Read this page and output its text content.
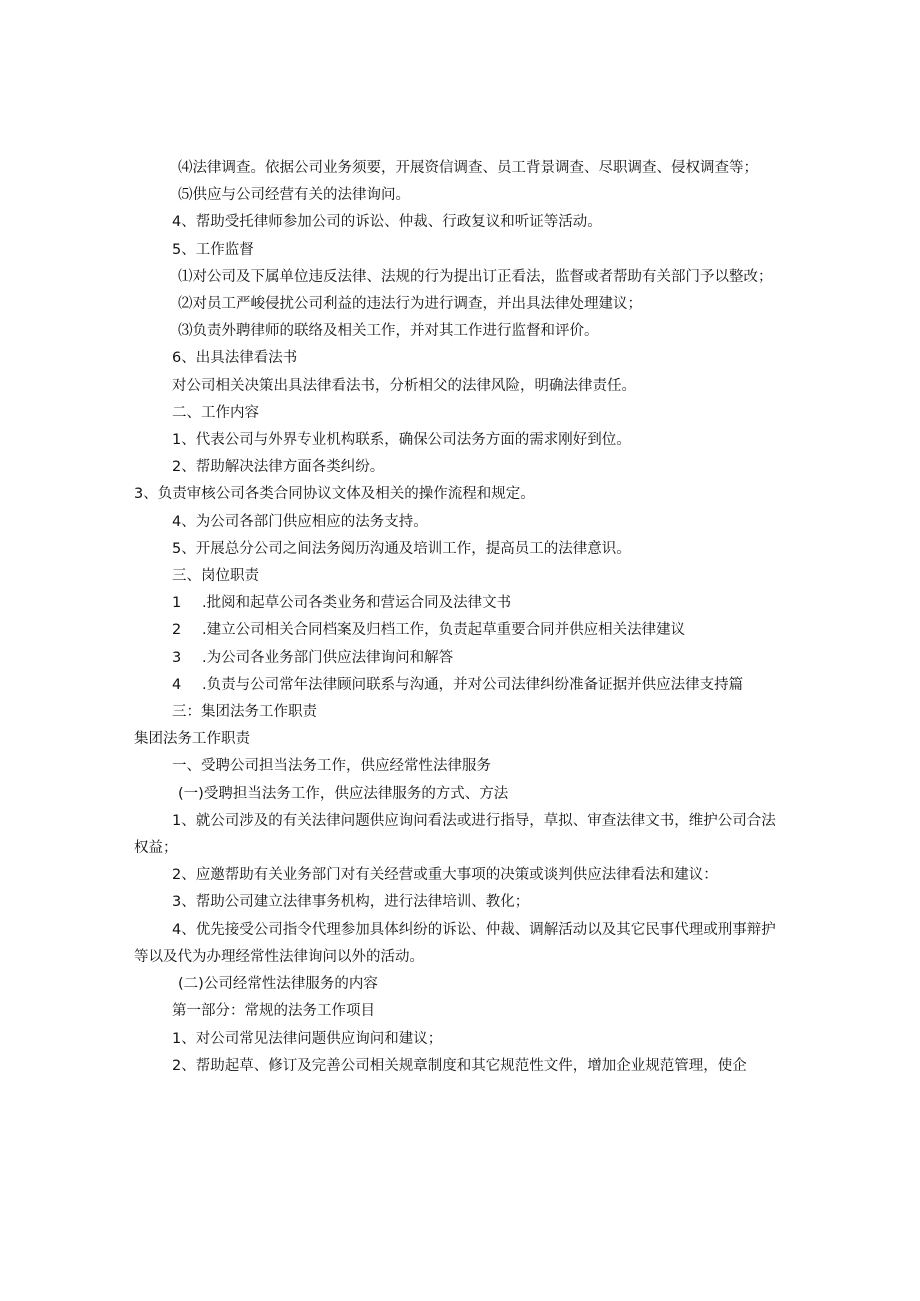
⑷法律调查。依据公司业务须要，开展资信调查、员工背景调查、尽职调查、侵权调查等；

⑸供应与公司经营有关的法律询问。

4、帮助受托律师参加公司的诉讼、仲裁、行政复议和听证等活动。

5、工作监督

⑴对公司及下属单位违反法律、法规的行为提出订正看法，监督或者帮助有关部门予以整改；

⑵对员工严峻侵扰公司利益的违法行为进行调查，并出具法律处理建议；

⑶负责外聘律师的联络及相关工作，并对其工作进行监督和评价。

6、出具法律看法书

对公司相关决策出具法律看法书，分析相父的法律风险，明确法律责任。

二、工作内容

1、代表公司与外界专业机构联系，确保公司法务方面的需求刚好到位。

2、帮助解决法律方面各类纠纷。

3、负责审核公司各类合同协议文体及相关的操作流程和规定。

4、为公司各部门供应相应的法务支持。

5、开展总分公司之间法务阅历沟通及培训工作，提高员工的法律意识。

三、岗位职责

1	.批阅和起草公司各类业务和营运合同及法律文书
2	.建立公司相关合同档案及归档工作，负责起草重要合同并供应相关法律建议
3	.为公司各业务部门供应法律询问和解答
4	.负责与公司常年法律顾问联系与沟通，并对公司法律纠纷准备证据并供应法律支持篇

三：集团法务工作职责

集团法务工作职责

一、受聘公司担当法务工作，供应经常性法律服务

(一)受聘担当法务工作，供应法律服务的方式、方法

1、就公司涉及的有关法律问题供应询问看法或进行指导，草拟、审查法律文书，维护公司合法权益；

2、应邀帮助有关业务部门对有关经营或重大事项的决策或谈判供应法律看法和建议：

3、帮助公司建立法律事务机构，进行法律培训、教化；

4、优先接受公司指令代理参加具体纠纷的诉讼、仲裁、调解活动以及其它民事代理或刑事辩护等以及代为办理经常性法律询问以外的活动。

(二)公司经常性法律服务的内容

第一部分：常规的法务工作项目

1、对公司常见法律问题供应询问和建议；

2、帮助起草、修订及完善公司相关规章制度和其它规范性文件，增加企业规范管理，使企
